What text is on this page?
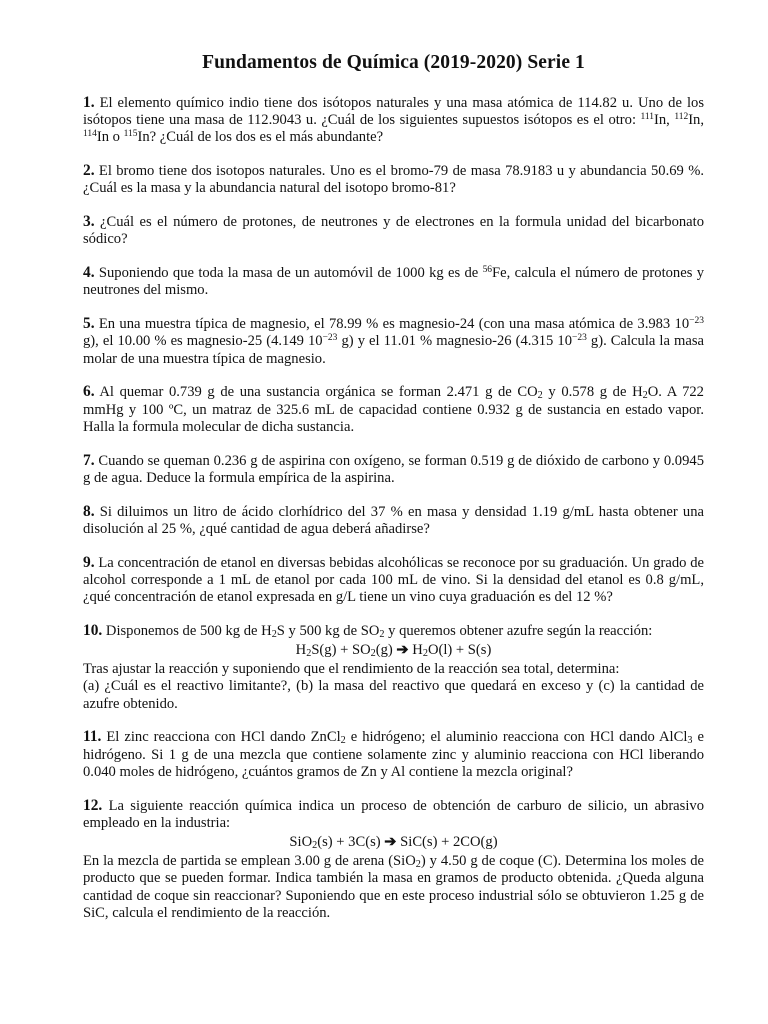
Fundamentos de Química (2019-2020) Serie 1

1. El elemento químico indio tiene dos isótopos naturales y una masa atómica de 114.82 u. Uno de los isótopos tiene una masa de 112.9043 u. ¿Cuál de los siguientes supuestos isótopos es el otro: $^{111}$In, $^{112}$In, $^{114}$In o $^{115}$In? ¿Cuál de los dos es el más abundante?

2. El bromo tiene dos isotopos naturales. Uno es el bromo-79 de masa 78.9183 u y abundancia 50.69 %. ¿Cuál es la masa y la abundancia natural del isotopo bromo-81?

3. ¿Cuál es el número de protones, de neutrones y de electrones en la formula unidad del bicarbonato sódico?

4. Suponiendo que toda la masa de un automóvil de 1000 kg es de $^{56}$Fe, calcula el número de protones y neutrones del mismo.

5. En una muestra típica de magnesio, el 78.99 % es magnesio-24 (con una masa atómica de 3.983 $10^{-23}$ g), el 10.00 % es magnesio-25 (4.149 $10^{-23}$ g) y el 11.01 % magnesio-26 (4.315 $10^{-23}$ g). Calcula la masa molar de una muestra típica de magnesio.

6. Al quemar 0.739 g de una sustancia orgánica se forman 2.471 g de $CO_2$ y 0.578 g de $H_2O$. A 722 mmHg y 100 ºC, un matraz de 325.6 mL de capacidad contiene 0.932 g de sustancia en estado vapor. Halla la formula molecular de dicha sustancia.

7. Cuando se queman 0.236 g de aspirina con oxígeno, se forman 0.519 g de dióxido de carbono y 0.0945 g de agua. Deduce la formula empírica de la aspirina.

8. Si diluimos un litro de ácido clorhídrico del 37 % en masa y densidad 1.19 g/mL hasta obtener una disolución al 25 %, ¿qué cantidad de agua deberá añadirse?

9. La concentración de etanol en diversas bebidas alcohólicas se reconoce por su graduación. Un grado de alcohol corresponde a 1 mL de etanol por cada 100 mL de vino. Si la densidad del etanol es 0.8 g/mL, ¿qué concentración de etanol expresada en g/L tiene un vino cuya graduación es del 12 %?

10. Disponemos de 500 kg de $H_2S$ y 500 kg de $SO_2$ y queremos obtener azufre según la reacción:
$H_2S(g) + SO_2(g)$ ➔ $H_2O(l) + S(s)$
Tras ajustar la reacción y suponiendo que el rendimiento de la reacción sea total, determina:
(a) ¿Cuál es el reactivo limitante?, (b) la masa del reactivo que quedará en exceso y (c) la cantidad de azufre obtenido.

11. El zinc reacciona con HCl dando ZnCl$_2$ e hidrógeno; el aluminio reacciona con HCl dando AlCl$_3$ e hidrógeno. Si 1 g de una mezcla que contiene solamente zinc y aluminio reacciona con HCl liberando 0.040 moles de hidrógeno, ¿cuántos gramos de Zn y Al contiene la mezcla original?

12. La siguiente reacción química indica un proceso de obtención de carburo de silicio, un abrasivo empleado en la industria:
SiO$_2$(s) + 3C(s) ➔ SiC(s) + 2CO(g)
En la mezcla de partida se emplean 3.00 g de arena (SiO$_2$) y 4.50 g de coque (C). Determina los moles de producto que se pueden formar. Indica también la masa en gramos de producto obtenida. ¿Queda alguna cantidad de coque sin reaccionar? Suponiendo que en este proceso industrial sólo se obtuvieron 1.25 g de SiC, calcula el rendimiento de la reacción.
